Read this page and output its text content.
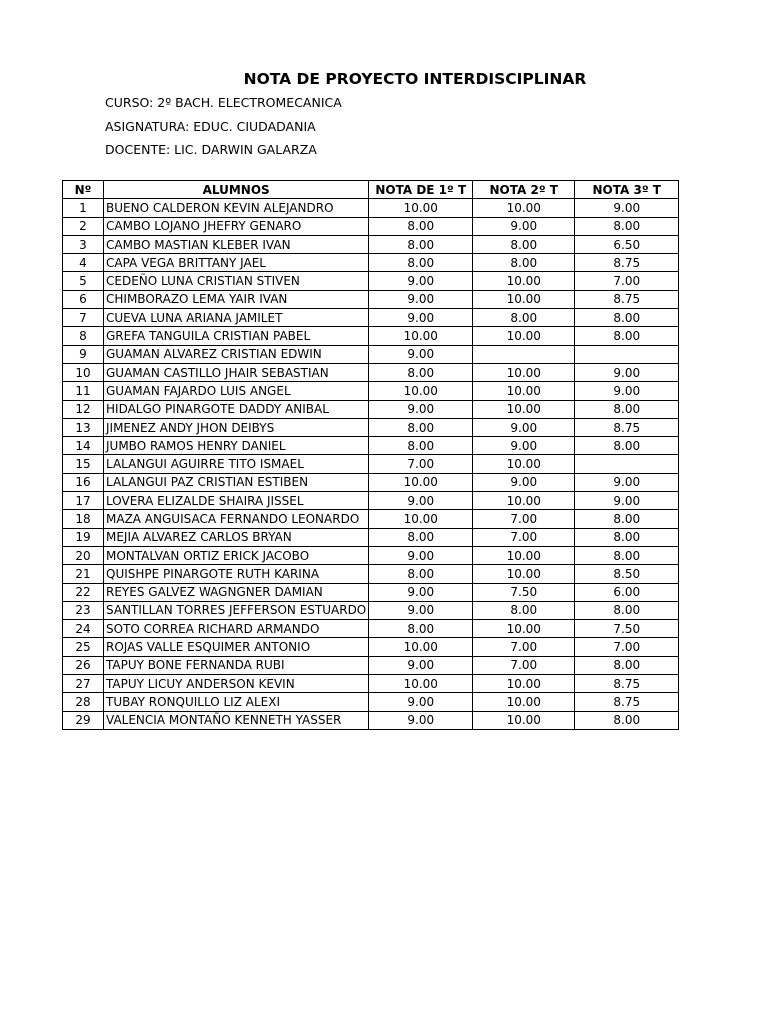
NOTA DE PROYECTO INTERDISCIPLINAR
CURSO: 2º BACH. ELECTROMECANICA
ASIGNATURA: EDUC. CIUDADANIA
DOCENTE: LIC. DARWIN GALARZA
Nº	ALUMNOS	NOTA DE 1º T	NOTA 2º T	NOTA 3º T
1	BUENO CALDERON KEVIN ALEJANDRO	10.00	10.00	9.00
2	CAMBO LOJANO JHEFRY GENARO	8.00	9.00	8.00
3	CAMBO MASTIAN KLEBER IVAN	8.00	8.00	6.50
4	CAPA VEGA BRITTANY JAEL	8.00	8.00	8.75
5	CEDEÑO LUNA CRISTIAN STIVEN	9.00	10.00	7.00
6	CHIMBORAZO LEMA YAIR IVAN	9.00	10.00	8.75
7	CUEVA LUNA ARIANA JAMILET	9.00	8.00	8.00
8	GREFA TANGUILA CRISTIAN PABEL	10.00	10.00	8.00
9	GUAMAN ALVAREZ CRISTIAN EDWIN	9.00		
10	GUAMAN CASTILLO JHAIR SEBASTIAN	8.00	10.00	9.00
11	GUAMAN FAJARDO LUIS ANGEL	10.00	10.00	9.00
12	HIDALGO PINARGOTE DADDY ANIBAL	9.00	10.00	8.00
13	JIMENEZ ANDY JHON DEIBYS	8.00	9.00	8.75
14	JUMBO RAMOS HENRY DANIEL	8.00	9.00	8.00
15	LALANGUI AGUIRRE TITO ISMAEL	7.00	10.00	
16	LALANGUI PAZ CRISTIAN ESTIBEN	10.00	9.00	9.00
17	LOVERA ELIZALDE SHAIRA JISSEL	9.00	10.00	9.00
18	MAZA ANGUISACA FERNANDO LEONARDO	10.00	7.00	8.00
19	MEJIA ALVAREZ CARLOS BRYAN	8.00	7.00	8.00
20	MONTALVAN ORTIZ ERICK JACOBO	9.00	10.00	8.00
21	QUISHPE PINARGOTE RUTH KARINA	8.00	10.00	8.50
22	REYES GALVEZ WAGNGNER DAMIAN	9.00	7.50	6.00
23	SANTILLAN TORRES JEFFERSON ESTUARDO	9.00	8.00	8.00
24	SOTO CORREA RICHARD ARMANDO	8.00	10.00	7.50
25	ROJAS VALLE ESQUIMER ANTONIO	10.00	7.00	7.00
26	TAPUY BONE FERNANDA RUBI	9.00	7.00	8.00
27	TAPUY LICUY ANDERSON KEVIN	10.00	10.00	8.75
28	TUBAY RONQUILLO LIZ ALEXI	9.00	10.00	8.75
29	VALENCIA MONTAÑO KENNETH YASSER	9.00	10.00	8.00
